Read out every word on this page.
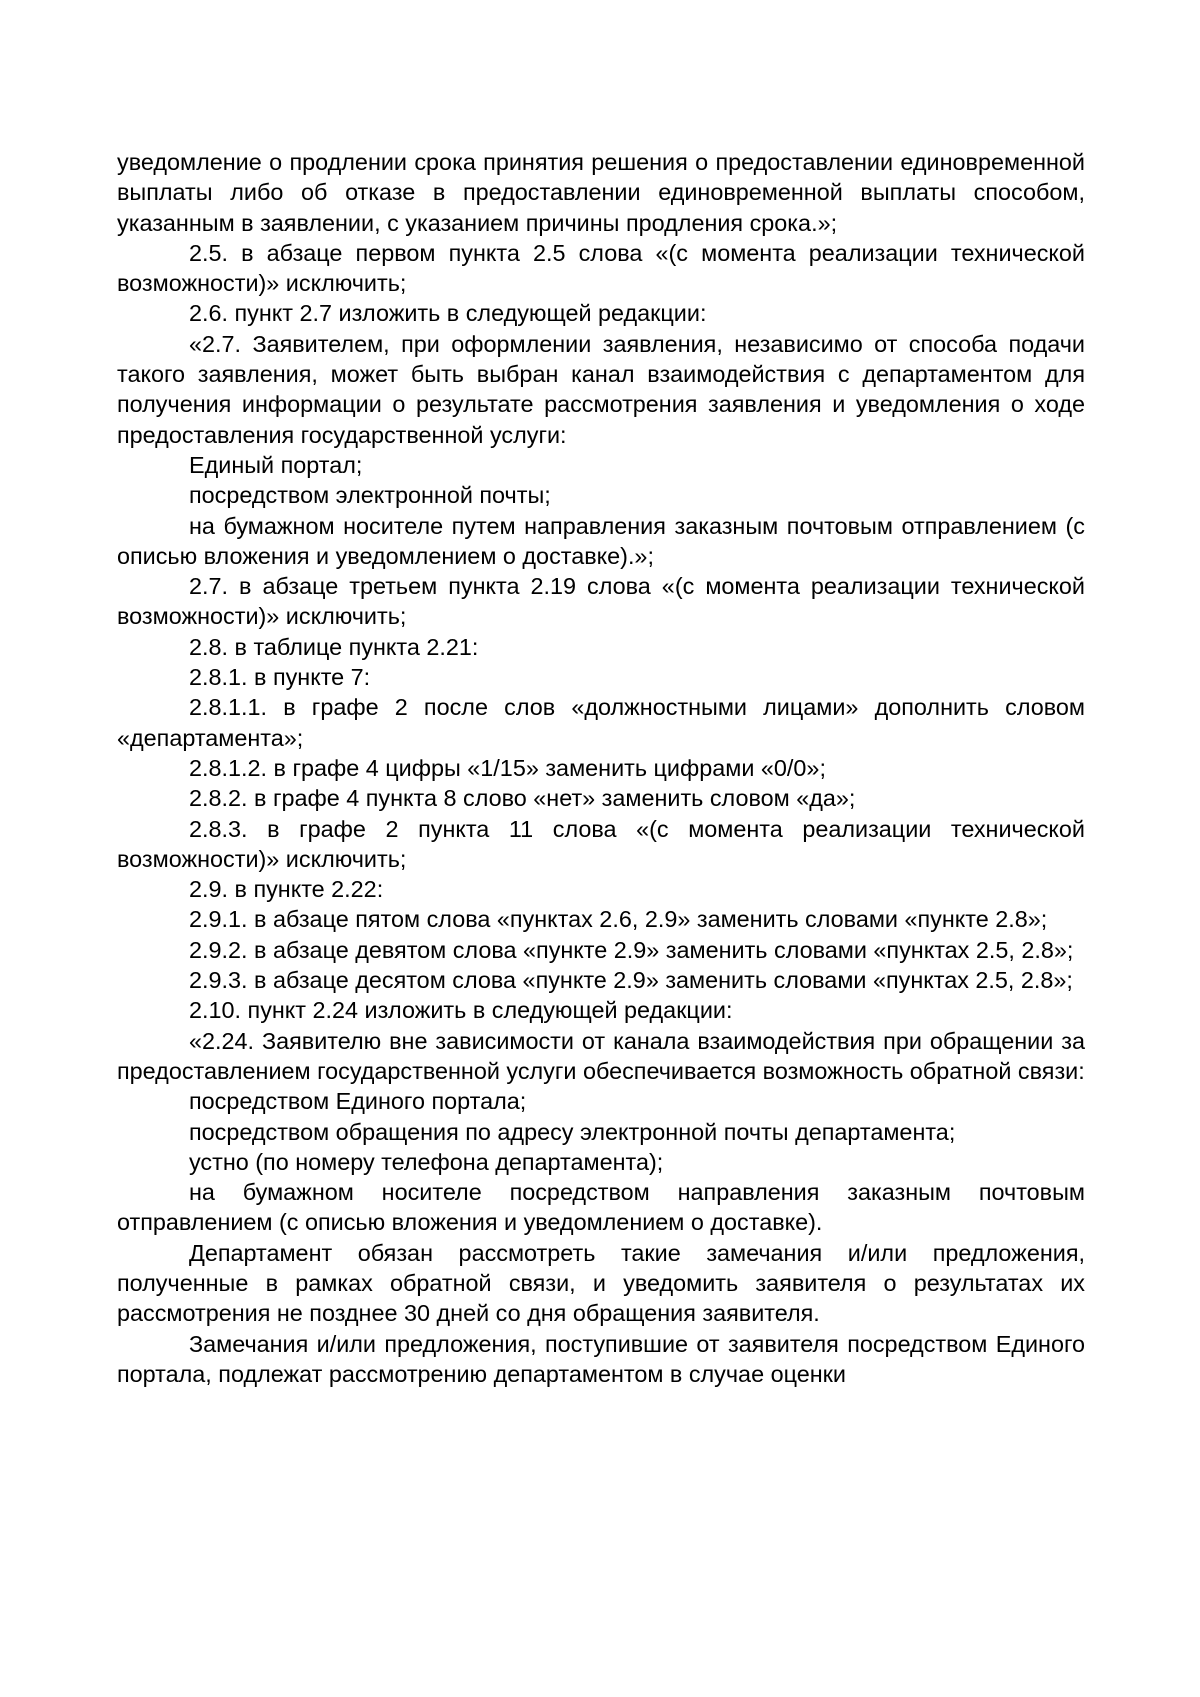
уведомление о продлении срока принятия решения о предоставлении единовременной выплаты либо об отказе в предоставлении единовременной выплаты способом, указанным в заявлении, с указанием причины продления срока.»;

2.5. в абзаце первом пункта 2.5 слова «(с момента реализации технической возможности)» исключить;

2.6. пункт 2.7 изложить в следующей редакции:

«2.7. Заявителем, при оформлении заявления, независимо от способа подачи такого заявления, может быть выбран канал взаимодействия с департаментом для получения информации о результате рассмотрения заявления и уведомления о ходе предоставления государственной услуги:

Единый портал;

посредством электронной почты;

на бумажном носителе путем направления заказным почтовым отправлением (с описью вложения и уведомлением о доставке).»;

2.7. в абзаце третьем пункта 2.19 слова «(с момента реализации технической возможности)» исключить;

2.8. в таблице пункта 2.21:

2.8.1. в пункте 7:

2.8.1.1. в графе 2 после слов «должностными лицами» дополнить словом «департамента»;

2.8.1.2. в графе 4 цифры «1/15» заменить цифрами «0/0»;

2.8.2. в графе 4 пункта 8 слово «нет» заменить словом «да»;

2.8.3. в графе 2 пункта 11 слова «(с момента реализации технической возможности)» исключить;

2.9. в пункте 2.22:

2.9.1. в абзаце пятом слова «пунктах 2.6, 2.9» заменить словами «пункте 2.8»;

2.9.2. в абзаце девятом слова «пункте 2.9» заменить словами «пунктах 2.5, 2.8»;

2.9.3. в абзаце десятом слова «пункте 2.9» заменить словами «пунктах 2.5, 2.8»;

2.10. пункт 2.24 изложить в следующей редакции:

«2.24. Заявителю вне зависимости от канала взаимодействия при обращении за предоставлением государственной услуги обеспечивается возможность обратной связи:

посредством Единого портала;

посредством обращения по адресу электронной почты департамента;

устно (по номеру телефона департамента);

на бумажном носителе посредством направления заказным почтовым отправлением (с описью вложения и уведомлением о доставке).

Департамент обязан рассмотреть такие замечания и/или предложения, полученные в рамках обратной связи, и уведомить заявителя о результатах их рассмотрения не позднее 30 дней со дня обращения заявителя.

Замечания и/или предложения, поступившие от заявителя посредством Единого портала, подлежат рассмотрению департаментом в случае оценки
